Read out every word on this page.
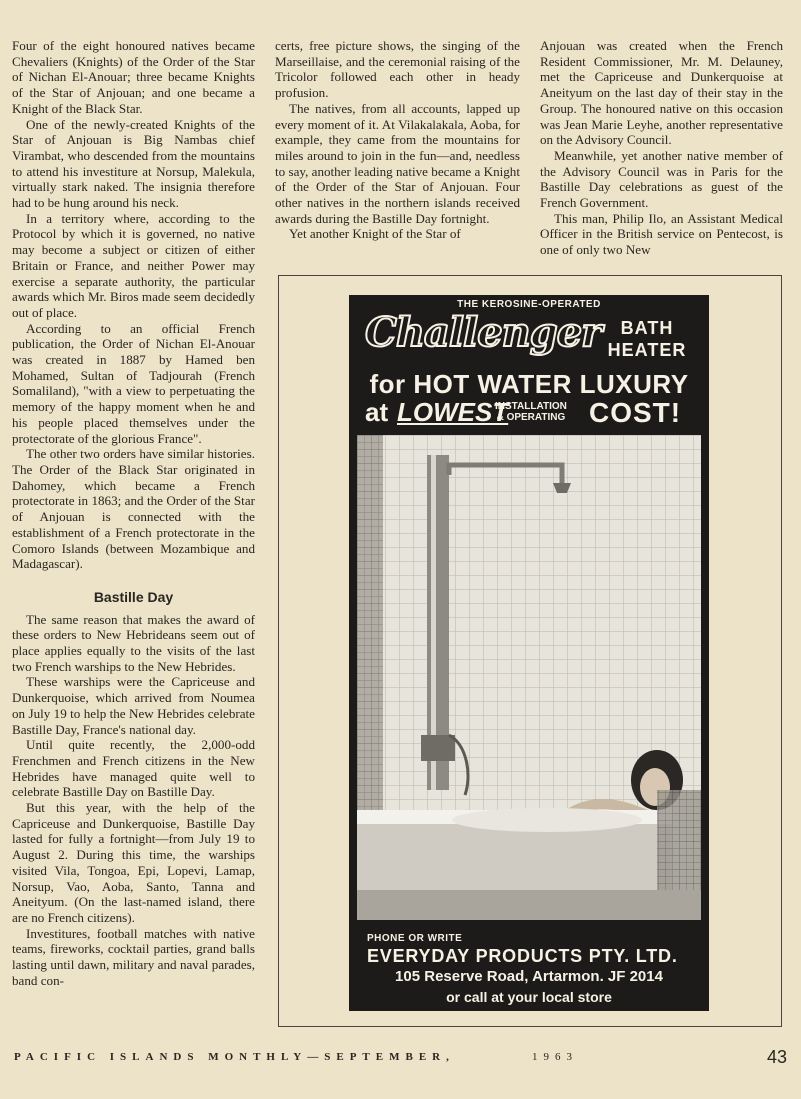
Four of the eight honoured natives became Chevaliers (Knights) of the Order of the Star of Nichan El-Anouar; three became Knights of the Star of Anjouan; and one became a Knight of the Black Star.

One of the newly-created Knights of the Star of Anjouan is Big Nambas chief Virambat, who descended from the mountains to attend his investiture at Norsup, Malekula, virtually stark naked. The insignia therefore had to be hung around his neck.

In a territory where, according to the Protocol by which it is governed, no native may become a subject or citizen of either Britain or France, and neither Power may exercise a separate authority, the particular awards which Mr. Biros made seem decidedly out of place.

According to an official French publication, the Order of Nichan El-Anouar was created in 1887 by Hamed ben Mohamed, Sultan of Tadjourah (French Somaliland), "with a view to perpetuating the memory of the happy moment when he and his people placed themselves under the protectorate of the glorious France".

The other two orders have similar histories. The Order of the Black Star originated in Dahomey, which became a French protectorate in 1863; and the Order of the Star of Anjouan is connected with the establishment of a French protectorate in the Comoro Islands (between Mozambique and Madagascar).

Bastille Day

The same reason that makes the award of these orders to New Hebrideans seem out of place applies equally to the visits of the last two French warships to the New Hebrides.

These warships were the Capriceuse and Dunkerquoise, which arrived from Noumea on July 19 to help the New Hebrides celebrate Bastille Day, France's national day.

Until quite recently, the 2,000-odd Frenchmen and French citizens in the New Hebrides have managed quite well to celebrate Bastille Day on Bastille Day.

But this year, with the help of the Capriceuse and Dunkerquoise, Bastille Day lasted for fully a fortnight—from July 19 to August 2. During this time, the warships visited Vila, Tongoa, Epi, Lopevi, Lamap, Norsup, Vao, Aoba, Santo, Tanna and Aneityum. (On the last-named island, there are no French citizens).

Investitures, football matches with native teams, fireworks, cocktail parties, grand balls lasting until dawn, military and naval parades, band con-

certs, free picture shows, the singing of the Marseillaise, and the ceremonial raising of the Tricolor followed each other in heady profusion.

The natives, from all accounts, lapped up every moment of it. At Vilakalakala, Aoba, for example, they came from the mountains for miles around to join in the fun—and, needless to say, another leading native became a Knight of the Order of the Star of Anjouan. Four other natives in the northern islands received awards during the Bastille Day fortnight.

Yet another Knight of the Star of

Anjouan was created when the French Resident Commissioner, Mr. M. Delauney, met the Capriceuse and Dunkerquoise at Aneityum on the last day of their stay in the Group. The honoured native on this occasion was Jean Marie Leyhe, another representative on the Advisory Council.

Meanwhile, yet another native member of the Advisory Council was in Paris for the Bastille Day celebrations as guest of the French Government.

This man, Philip Ilo, an Assistant Medical Officer in the British service on Pentecost, is one of only two New

THE KEROSINE-OPERATED
Challenger	BATH
HEATER
for HOT WATER LUXURY
at LOWEST
INSTALLATION
& OPERATING COST!
PHONE OR WRITE
EVERYDAY PRODUCTS PTY. LTD.
105 Reserve Road, Artarmon. JF 2014
or call at your local store
PACIFIC ISLANDS MONTHLY—SEPTEMBER,	1963	43
